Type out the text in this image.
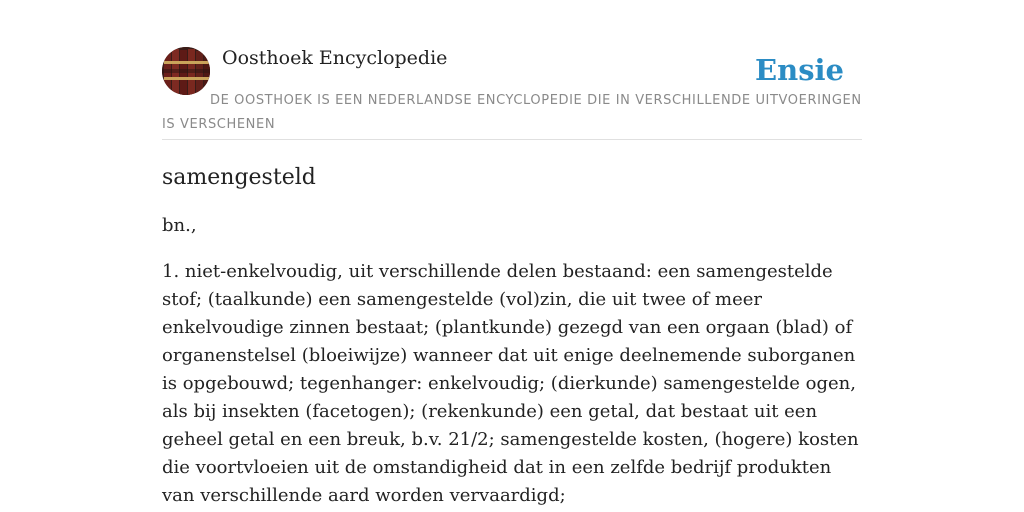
Oosthoek Encyclopedie	Ensie
DE OOSTHOEK IS EEN NEDERLANDSE ENCYCLOPEDIE DIE IN VERSCHILLENDE UITVOERINGEN IS VERSCHENEN
samengesteld

bn.,

1. niet-enkelvoudig, uit verschillende delen bestaand: een samengestelde stof; (taalkunde) een samengestelde (vol)zin, die uit twee of meer enkelvoudige zinnen bestaat; (plantkunde) gezegd van een orgaan (blad) of organenstelsel (bloeiwijze) wanneer dat uit enige deelnemende suborganen is opgebouwd; tegenhanger: enkelvoudig; (dierkunde) samengestelde ogen, als bij insekten (facetogen); (rekenkunde) een getal, dat bestaat uit een geheel getal en een breuk, b.v. 21/2; samengestelde kosten, (hogere) kosten die voortvloeien uit de omstandigheid dat in een zelfde bedrijf produkten van verschillende aard worden vervaardigd;
